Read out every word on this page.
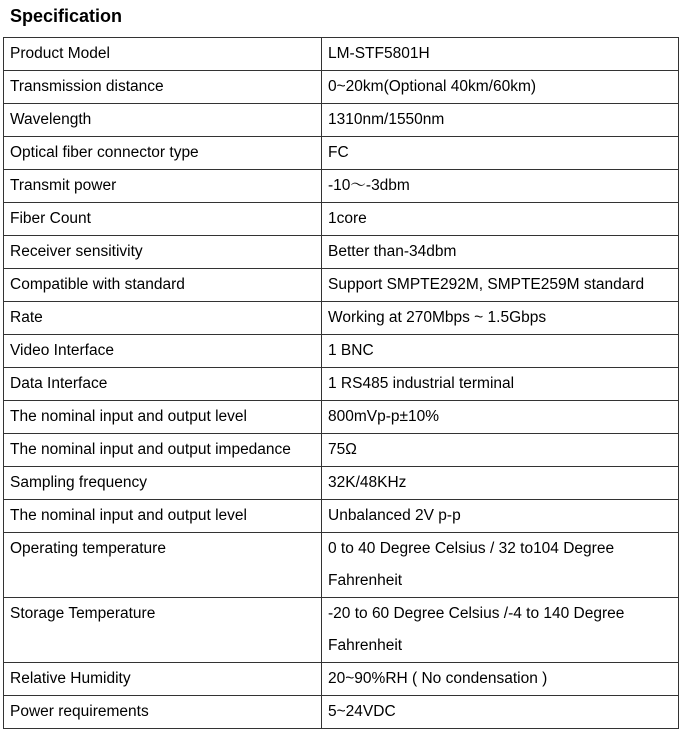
Specification
Product Model	LM-STF5801H
Transmission distance	0~20km(Optional 40km/60km)
Wavelength	1310nm/1550nm
Optical fiber connector type	FC
Transmit power	-10～-3dbm
Fiber Count	1core
Receiver sensitivity	Better than-34dbm
Compatible with standard	Support SMPTE292M, SMPTE259M standard
Rate	Working at 270Mbps ~ 1.5Gbps
Video Interface	1 BNC
Data Interface	1 RS485 industrial terminal
The nominal input and output level	800mVp-p±10%
The nominal input and output impedance	75Ω
Sampling frequency	32K/48KHz
The nominal input and output level	Unbalanced 2V p-p
Operating temperature	0 to 40 Degree Celsius / 32 to104 Degree Fahrenheit
Storage Temperature	-20 to 60 Degree Celsius /-4 to 140 Degree Fahrenheit
Relative Humidity	20~90%RH ( No condensation )
Power requirements	5~24VDC
